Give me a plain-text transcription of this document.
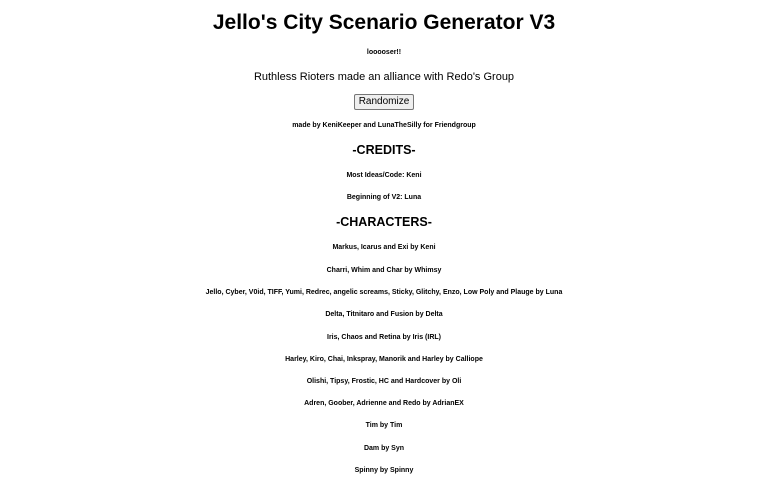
Jello's City Scenario Generator V3

looooser!!

Ruthless Rioters made an alliance with Redo's Group

Randomize

made by KeniKeeper and LunaTheSilly for Friendgroup

-CREDITS-

Most Ideas/Code: Keni

Beginning of V2: Luna

-CHARACTERS-

Markus, Icarus and Exi by Keni

Charri, Whim and Char by Whimsy

Jello, Cyber, V0id, TIFF, Yumi, Redrec, angelic screams, Sticky, Glitchy, Enzo, Low Poly and Plauge by Luna

Delta, Titnitaro and Fusion by Delta

Iris, Chaos and Retina by Iris (IRL)

Harley, Kiro, Chai, Inkspray, Manorik and Harley by Calliope

Olishi, Tipsy, Frostic, HC and Hardcover by Oli

Adren, Goober, Adrienne and Redo by AdrianEX

Tim by Tim

Dam by Syn

Spinny by Spinny
